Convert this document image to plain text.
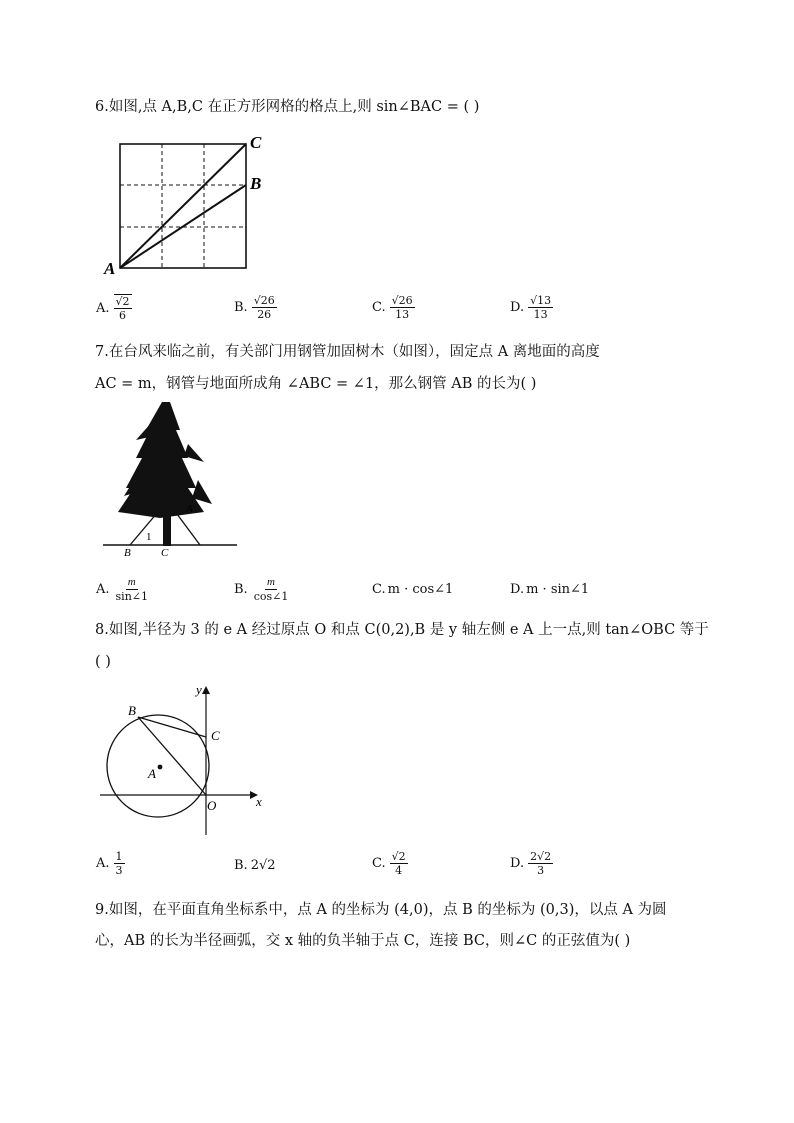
6.如图,点 A,B,C 在正方形网格的格点上,则 sin∠BAC = ( )
A
C
B
A. $\frac{√2}{6}$	B. $\frac{√26}{26}$	C. $\frac{√26}{13}$	D. $\frac{√13}{13}$
7.在台风来临之前，有关部门用钢管加固树木（如图），固定点 A 离地面的高度
AC = m，钢管与地面所成角 ∠ABC = ∠1，那么钢管 AB 的长为( )
B
1
C
A
A. $\frac{m}{\sin\angle 1}$	B. $\frac{m}{\cos\angle 1}$	C. m · cos∠1	D. m · sin∠1
8.如图,半径为 3 的 e A 经过原点 O 和点 C(0,2),B 是 y 轴左侧 e A 上一点,则 tan∠OBC 等于
( )
B
C
A
O	x
y
A. $\frac{1}{3}$	B. 2√2	C. $\frac{√2}{4}$	D. $\frac{2√2}{3}$
9.如图，在平面直角坐标系中，点 A 的坐标为 (4,0)，点 B 的坐标为 (0,3)，以点 A 为圆
心，AB 的长为半径画弧，交 x 轴的负半轴于点 C，连接 BC，则∠C 的正弦值为( )
